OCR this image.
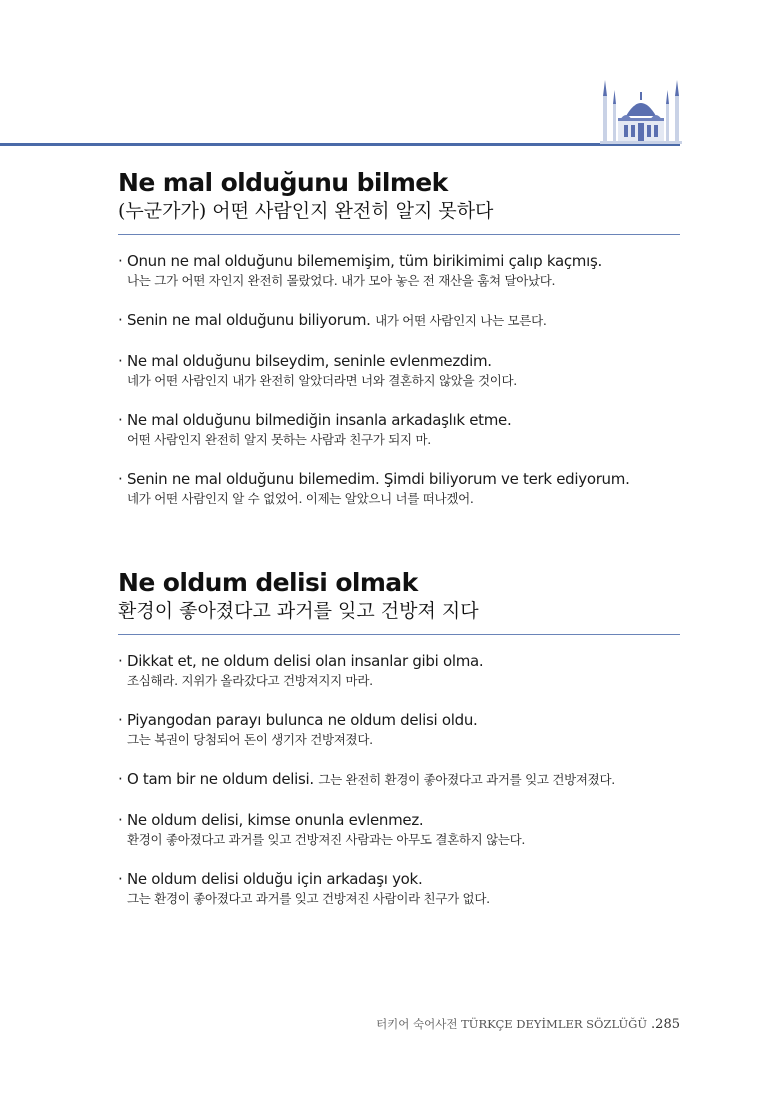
Ne mal olduğunu bilmek

(누군가가) 어떤 사람인지 완전히 알지 못하다

· Onun ne mal olduğunu bilememişim, tüm birikimimi çalıp kaçmış.

나는 그가 어떤 자인지 완전히 몰랐었다. 내가 모아 놓은 전 재산을 훔쳐 달아났다.

· Senin ne mal olduğunu biliyorum. 내가 어떤 사람인지 나는 모른다.

· Ne mal olduğunu bilseydim, seninle evlenmezdim.

네가 어떤 사람인지 내가 완전히 알았더라면 너와 결혼하지 않았을 것이다.

· Ne mal olduğunu bilmediğin insanla arkadaşlık etme.

어떤 사람인지 완전히 알지 못하는 사람과 친구가 되지 마.

· Senin ne mal olduğunu bilemedim. Şimdi biliyorum ve terk ediyorum.

네가 어떤 사람인지 알 수 없었어. 이제는 알았으니 너를 떠나겠어.

Ne oldum delisi olmak

환경이 좋아졌다고 과거를 잊고 건방져 지다

· Dikkat et, ne oldum delisi olan insanlar gibi olma.

조심해라. 지위가 올라갔다고 건방져지지 마라.

· Piyangodan parayı bulunca ne oldum delisi oldu.

그는 복권이 당첨되어 돈이 생기자 건방져졌다.

· O tam bir ne oldum delisi. 그는 완전히 환경이 좋아졌다고 과거를 잊고 건방져졌다.

· Ne oldum delisi, kimse onunla evlenmez.

환경이 좋아졌다고 과거를 잊고 건방져진 사람과는 아무도 결혼하지 않는다.

· Ne oldum delisi olduğu için arkadaşı yok.

그는 환경이 좋아졌다고 과거를 잊고 건방져진 사람이라 친구가 없다.

터키어 숙어사전 TÜRKÇE DEYİMLER SÖZLÜĞÜ .285
